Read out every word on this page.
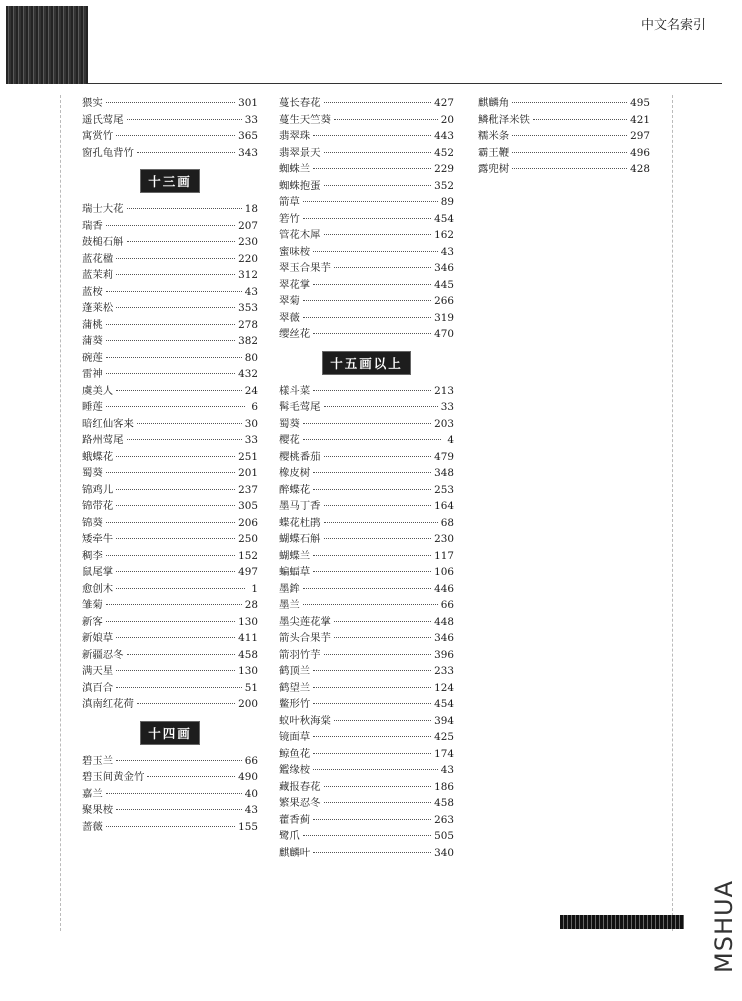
中文名索引
猥实	301
遥氏莺尾	33
寓赏竹	365
窗孔龟背竹	343
十三画
瑞士大花	18
瑞香	207
鼓槌石斛	230
蓝花楹	220
蓝茉莉	312
蓝桉	43
蓬莱松	353
蒲桃	278
蒲葵	382
碗莲	80
雷神	432
虞美人	24
睡莲	6
暗红仙客来	30
路州莺尾	33
蛾蝶花	251
蜀葵	201
锦鸡儿	237
锦带花	305
锦葵	206
矮牵牛	250
稠李	152
鼠尾掌	497
愈创木	1
雏菊	28
新客	130
新娘草	411
新疆忍冬	458
满天星	130
滇百合	51
滇南红花荷	200
十四画
碧玉兰	66
碧玉间黄金竹	490
嘉兰	40
聚果桉	43
蔷薇	155
蔓长春花	427
蔓生天竺葵	20
翡翠珠	443
翡翠景天	452
蜘蛛兰	229
蜘蛛抱蛋	352
箭草	89
箬竹	454
管花木犀	162
蜜味桉	43
翠玉合果芋	346
翠花掌	445
翠菊	266
翠薇	319
缨丝花	470
十五画以上
樣斗菜	213
髯毛莺尾	33
蜀葵	203
樱花	4
樱桃番茄	479
橡皮树	348
醉蝶花	253
墨马丁香	164
蝶花杜鹃	68
蝴蝶石斛	230
蝴蝶兰	117
蝙蝠草	106
墨鉾	446
墨兰	66
墨尖莲花掌	448
箭头合果芋	346
箭羽竹芋	396
鹤顶兰	233
鹤望兰	124
鳖形竹	454
蚁叶秋海棠	394
镜面草	425
鲸鱼花	174
鑑缘桉	43
藏报春花	186
繁果忍冬	458
藿香蓟	263
鹭爪	505
麒麟叶	340
麒麟角	495
鳞秕泽米铁	421
糯米条	297
霸王鞭	496
露兜树	428
MSHUA
